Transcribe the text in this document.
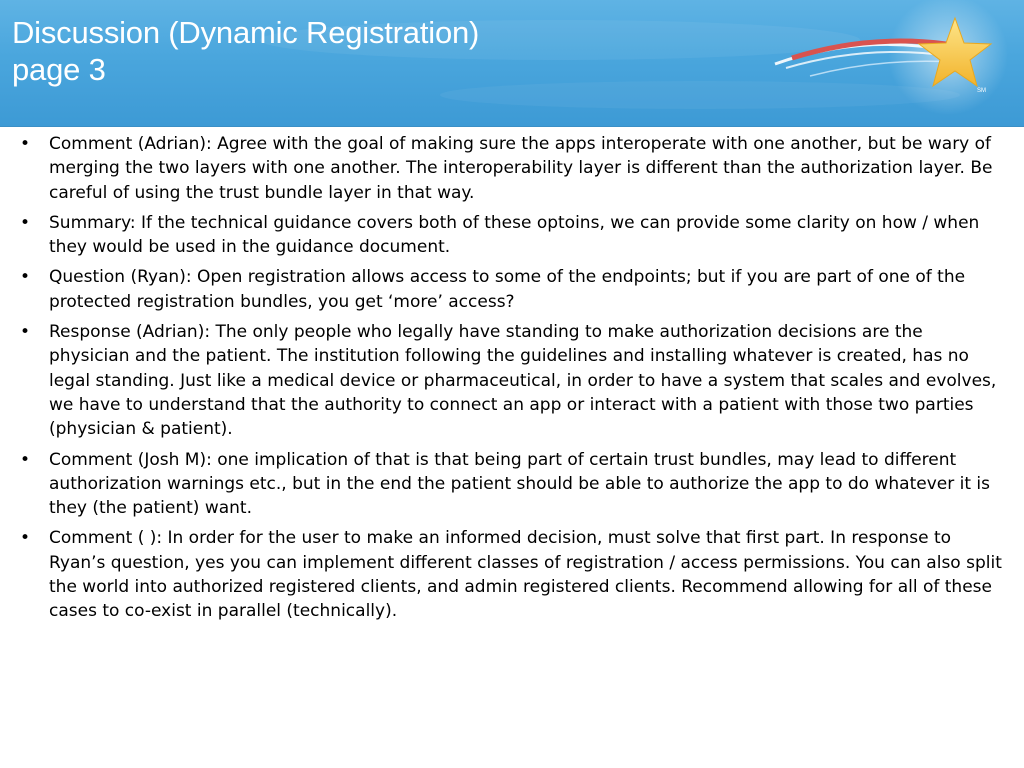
Discussion (Dynamic Registration)
page 3
SM
• Comment (Adrian): Agree with the goal of making sure the apps interoperate with one another, but be wary of merging the two layers with one another. The interoperability layer is different than the authorization layer. Be careful of using the trust bundle layer in that way.
• Summary: If the technical guidance covers both of these optoins, we can provide some clarity on how / when they would be used in the guidance document.
• Question (Ryan): Open registration allows access to some of the endpoints; but if you are part of one of the protected registration bundles, you get ‘more’ access?
• Response (Adrian): The only people who legally have standing to make authorization decisions are the physician and the patient. The institution following the guidelines and installing whatever is created, has no legal standing. Just like a medical device or pharmaceutical, in order to have a system that scales and evolves, we have to understand that the authority to connect an app or interact with a patient with those two parties (physician & patient).
• Comment (Josh M): one implication of that is that being part of certain trust bundles, may lead to different authorization warnings etc., but in the end the patient should be able to authorize the app to do whatever it is they (the patient) want.
• Comment ( ): In order for the user to make an informed decision, must solve that first part. In response to Ryan’s question, yes you can implement different classes of registration / access permissions. You can also split the world into authorized registered clients, and admin registered clients. Recommend allowing for all of these cases to co-exist in parallel (technically).
